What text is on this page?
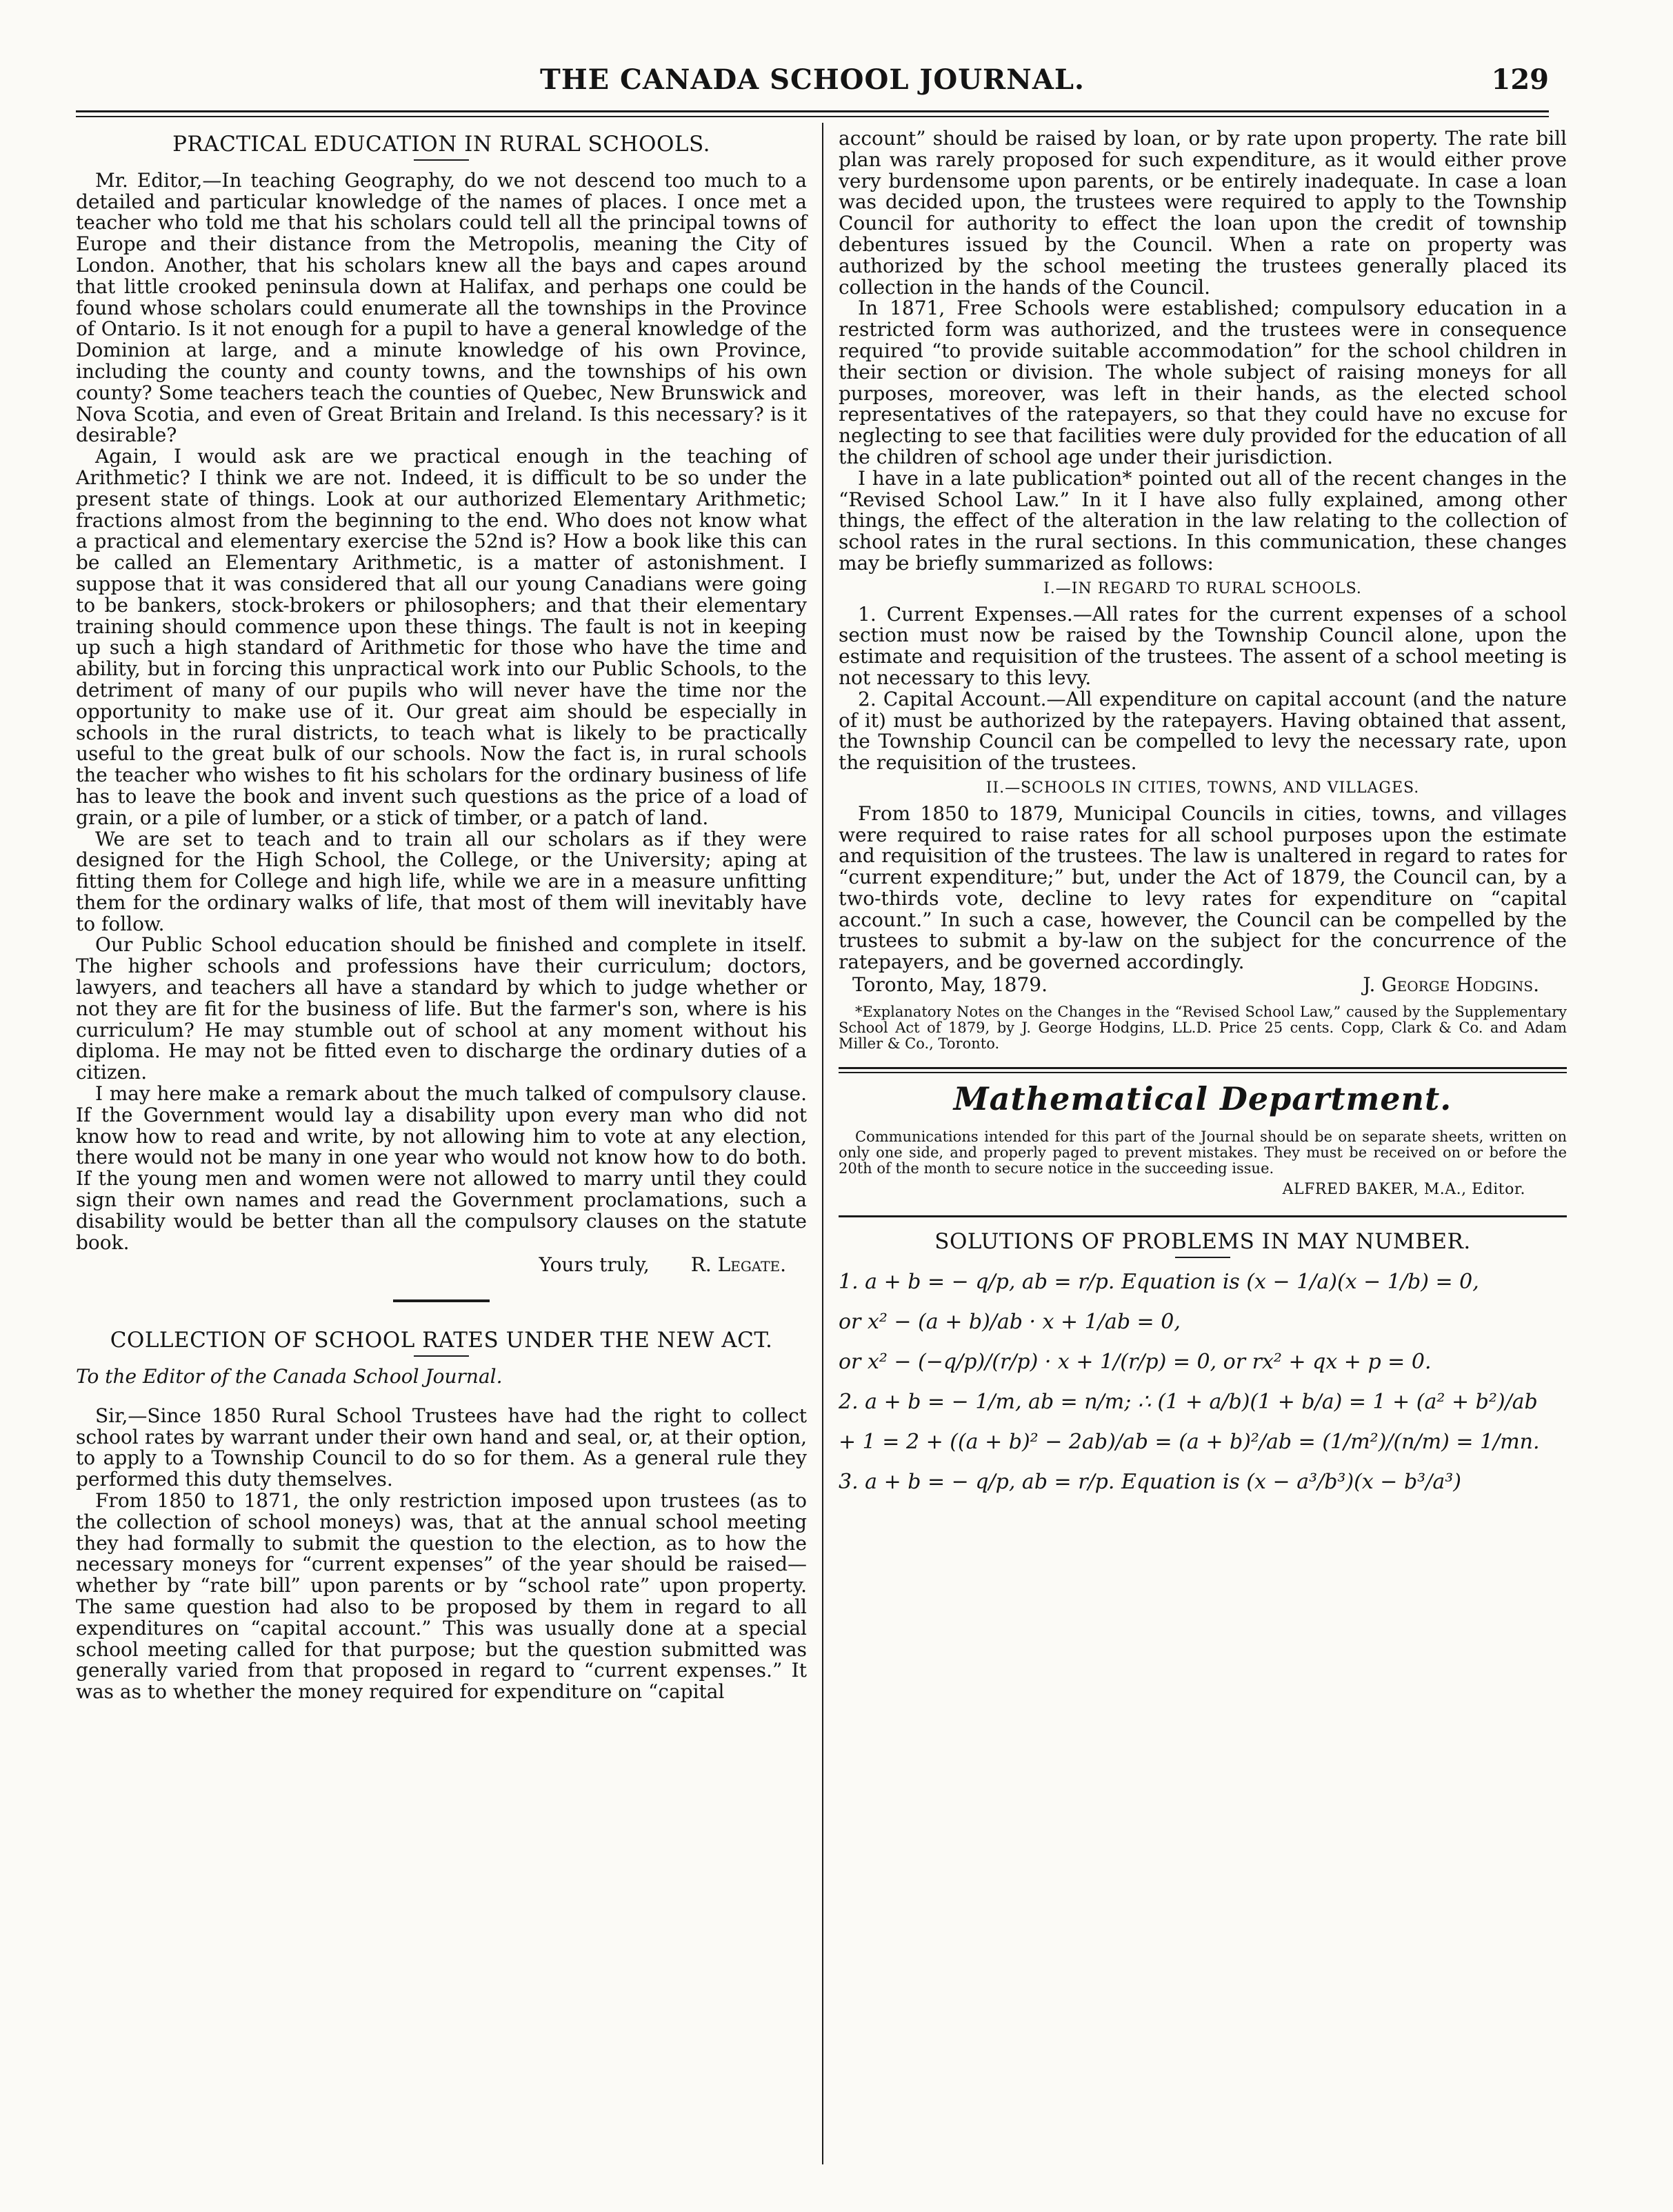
THE CANADA SCHOOL JOURNAL.	129
PRACTICAL EDUCATION IN RURAL SCHOOLS.

Mr. Editor,—In teaching Geography, do we not descend too much to a detailed and particular knowledge of the names of places. I once met a teacher who told me that his scholars could tell all the principal towns of Europe and their distance from the Metropolis, meaning the City of London. Another, that his scholars knew all the bays and capes around that little crooked peninsula down at Halifax, and perhaps one could be found whose scholars could enumerate all the townships in the Province of Ontario. Is it not enough for a pupil to have a general knowledge of the Dominion at large, and a minute knowledge of his own Province, including the county and county towns, and the townships of his own county? Some teachers teach the counties of Quebec, New Brunswick and Nova Scotia, and even of Great Britain and Ireland. Is this necessary? is it desirable?

Again, I would ask are we practical enough in the teaching of Arithmetic? I think we are not. Indeed, it is difficult to be so under the present state of things. Look at our authorized Elementary Arithmetic; fractions almost from the beginning to the end. Who does not know what a practical and elementary exercise the 52nd is? How a book like this can be called an Elementary Arithmetic, is a matter of astonishment. I suppose that it was considered that all our young Canadians were going to be bankers, stock-brokers or philosophers; and that their elementary training should commence upon these things. The fault is not in keeping up such a high standard of Arithmetic for those who have the time and ability, but in forcing this unpractical work into our Public Schools, to the detriment of many of our pupils who will never have the time nor the opportunity to make use of it. Our great aim should be especially in schools in the rural districts, to teach what is likely to be practically useful to the great bulk of our schools. Now the fact is, in rural schools the teacher who wishes to fit his scholars for the ordinary business of life has to leave the book and invent such questions as the price of a load of grain, or a pile of lumber, or a stick of timber, or a patch of land.

We are set to teach and to train all our scholars as if they were designed for the High School, the College, or the University; aping at fitting them for College and high life, while we are in a measure unfitting them for the ordinary walks of life, that most of them will inevitably have to follow.

Our Public School education should be finished and complete in itself. The higher schools and professions have their curriculum; doctors, lawyers, and teachers all have a standard by which to judge whether or not they are fit for the business of life. But the farmer's son, where is his curriculum? He may stumble out of school at any moment without his diploma. He may not be fitted even to discharge the ordinary duties of a citizen.

I may here make a remark about the much talked of compulsory clause. If the Government would lay a disability upon every man who did not know how to read and write, by not allowing him to vote at any election, there would not be many in one year who would not know how to do both. If the young men and women were not allowed to marry until they could sign their own names and read the Government proclamations, such a disability would be better than all the compulsory clauses on the statute book.

Yours truly, R. Legate.
COLLECTION OF SCHOOL RATES UNDER THE NEW ACT.

To the Editor of the Canada School Journal.

Sir,—Since 1850 Rural School Trustees have had the right to collect school rates by warrant under their own hand and seal, or, at their option, to apply to a Township Council to do so for them. As a general rule they performed this duty themselves.

From 1850 to 1871, the only restriction imposed upon trustees (as to the collection of school moneys) was, that at the annual school meeting they had formally to submit the question to the election, as to how the necessary moneys for “current expenses” of the year should be raised—whether by “rate bill” upon parents or by “school rate” upon property. The same question had also to be proposed by them in regard to all expenditures on “capital account.” This was usually done at a special school meeting called for that purpose; but the question submitted was generally varied from that proposed in regard to “current expenses.” It was as to whether the money required for expenditure on “capital

account” should be raised by loan, or by rate upon property. The rate bill plan was rarely proposed for such expenditure, as it would either prove very burdensome upon parents, or be entirely inadequate. In case a loan was decided upon, the trustees were required to apply to the Township Council for authority to effect the loan upon the credit of township debentures issued by the Council. When a rate on property was authorized by the school meeting the trustees generally placed its collection in the hands of the Council.

In 1871, Free Schools were established; compulsory education in a restricted form was authorized, and the trustees were in consequence required “to provide suitable accommodation” for the school children in their section or division. The whole subject of raising moneys for all purposes, moreover, was left in their hands, as the elected school representatives of the ratepayers, so that they could have no excuse for neglecting to see that facilities were duly provided for the education of all the children of school age under their jurisdiction.

I have in a late publication* pointed out all of the recent changes in the “Revised School Law.” In it I have also fully explained, among other things, the effect of the alteration in the law relating to the collection of school rates in the rural sections. In this communication, these changes may be briefly summarized as follows:

I.—IN REGARD TO RURAL SCHOOLS.

1. Current Expenses.—All rates for the current expenses of a school section must now be raised by the Township Council alone, upon the estimate and requisition of the trustees. The assent of a school meeting is not necessary to this levy.

2. Capital Account.—All expenditure on capital account (and the nature of it) must be authorized by the ratepayers. Having obtained that assent, the Township Council can be compelled to levy the necessary rate, upon the requisition of the trustees.

II.—SCHOOLS IN CITIES, TOWNS, AND VILLAGES.

From 1850 to 1879, Municipal Councils in cities, towns, and villages were required to raise rates for all school purposes upon the estimate and requisition of the trustees. The law is unaltered in regard to rates for “current expenditure;” but, under the Act of 1879, the Council can, by a two-thirds vote, decline to levy rates for expenditure on “capital account.” In such a case, however, the Council can be compelled by the trustees to submit a by-law on the subject for the concurrence of the ratepayers, and be governed accordingly.

Toronto, May, 1879.	J. George Hodgins.

*Explanatory Notes on the Changes in the “Revised School Law,” caused by the Supplementary School Act of 1879, by J. George Hodgins, LL.D. Price 25 cents. Copp, Clark & Co. and Adam Miller & Co., Toronto.

Mathematical Department.

Communications intended for this part of the Journal should be on separate sheets, written on only one side, and properly paged to prevent mistakes. They must be received on or before the 20th of the month to secure notice in the succeeding issue.

ALFRED BAKER, M.A., Editor.
SOLUTIONS OF PROBLEMS IN MAY NUMBER.
1. a + b = − q/p, ab = r/p. Equation is (x − 1/a)(x − 1/b) = 0,
or x² − (a + b)/ab · x + 1/ab = 0,
or x² − (−q/p)/(r/p) · x + 1/(r/p) = 0, or rx² + qx + p = 0.
2. a + b = − 1/m, ab = n/m; ∴ (1 + a/b)(1 + b/a) = 1 + (a² + b²)/ab
+ 1 = 2 + ((a + b)² − 2ab)/ab = (a + b)²/ab = (1/m²)/(n/m) = 1/mn.
3. a + b = − q/p, ab = r/p. Equation is (x − a³/b³)(x − b³/a³)
